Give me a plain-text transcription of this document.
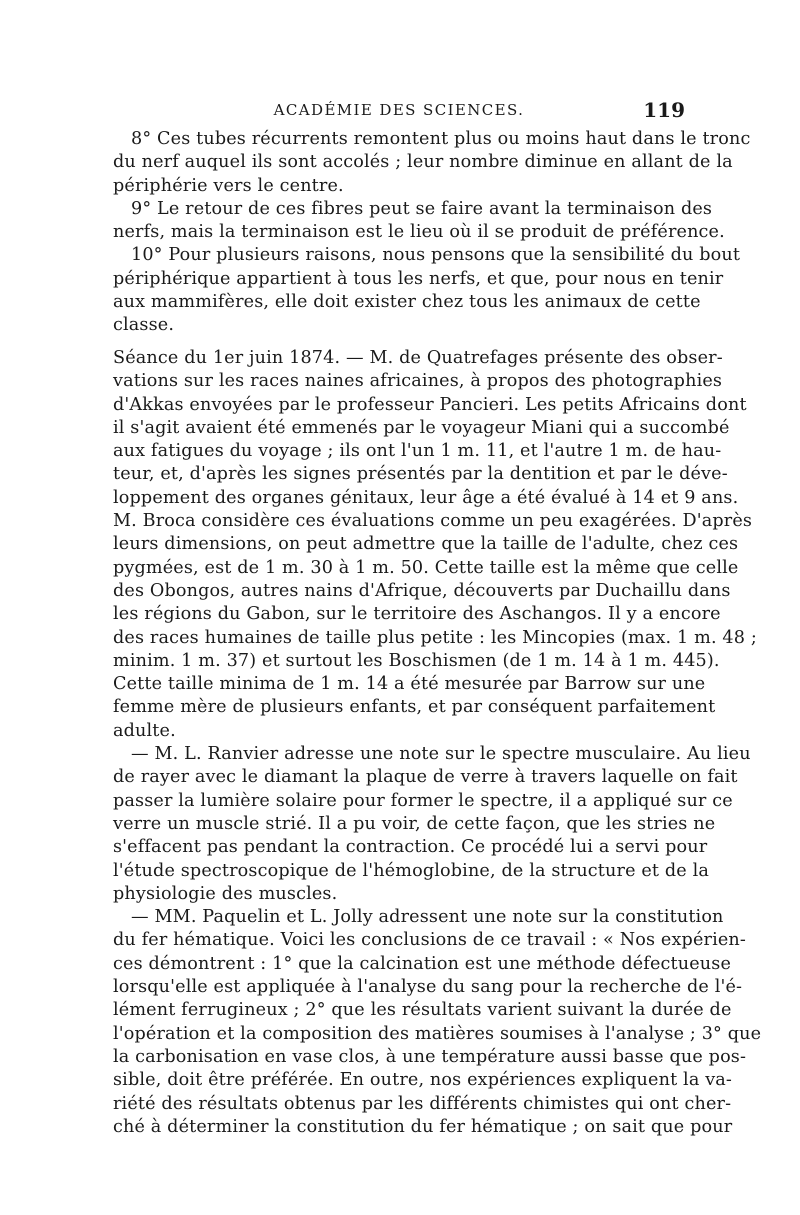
ACADÉMIE DES SCIENCES.	119
8° Ces tubes récurrents remontent plus ou moins haut dans le tronc
du nerf auquel ils sont accolés ; leur nombre diminue en allant de la
périphérie vers le centre.
9° Le retour de ces fibres peut se faire avant la terminaison des
nerfs, mais la terminaison est le lieu où il se produit de préférence.
10° Pour plusieurs raisons, nous pensons que la sensibilité du bout
périphérique appartient à tous les nerfs, et que, pour nous en tenir
aux mammifères, elle doit exister chez tous les animaux de cette
classe.
Séance du 1er juin 1874. — M. de Quatrefages présente des obser-
vations sur les races naines africaines, à propos des photographies
d'Akkas envoyées par le professeur Pancieri. Les petits Africains dont
il s'agit avaient été emmenés par le voyageur Miani qui a succombé
aux fatigues du voyage ; ils ont l'un 1 m. 11, et l'autre 1 m. de hau-
teur, et, d'après les signes présentés par la dentition et par le déve-
loppement des organes génitaux, leur âge a été évalué à 14 et 9 ans.
M. Broca considère ces évaluations comme un peu exagérées. D'après
leurs dimensions, on peut admettre que la taille de l'adulte, chez ces
pygmées, est de 1 m. 30 à 1 m. 50. Cette taille est la même que celle
des Obongos, autres nains d'Afrique, découverts par Duchaillu dans
les régions du Gabon, sur le territoire des Aschangos. Il y a encore
des races humaines de taille plus petite : les Mincopies (max. 1 m. 48 ;
minim. 1 m. 37) et surtout les Boschismen (de 1 m. 14 à 1 m. 445).
Cette taille minima de 1 m. 14 a été mesurée par Barrow sur une
femme mère de plusieurs enfants, et par conséquent parfaitement
adulte.
— M. L. Ranvier adresse une note sur le spectre musculaire. Au lieu
de rayer avec le diamant la plaque de verre à travers laquelle on fait
passer la lumière solaire pour former le spectre, il a appliqué sur ce
verre un muscle strié. Il a pu voir, de cette façon, que les stries ne
s'effacent pas pendant la contraction. Ce procédé lui a servi pour
l'étude spectroscopique de l'hémoglobine, de la structure et de la
physiologie des muscles.
— MM. Paquelin et L. Jolly adressent une note sur la constitution
du fer hématique. Voici les conclusions de ce travail : « Nos expérien-
ces démontrent : 1° que la calcination est une méthode défectueuse
lorsqu'elle est appliquée à l'analyse du sang pour la recherche de l'é-
lément ferrugineux ; 2° que les résultats varient suivant la durée de
l'opération et la composition des matières soumises à l'analyse ; 3° que
la carbonisation en vase clos, à une température aussi basse que pos-
sible, doit être préférée. En outre, nos expériences expliquent la va-
riété des résultats obtenus par les différents chimistes qui ont cher-
ché à déterminer la constitution du fer hématique ; on sait que pour
